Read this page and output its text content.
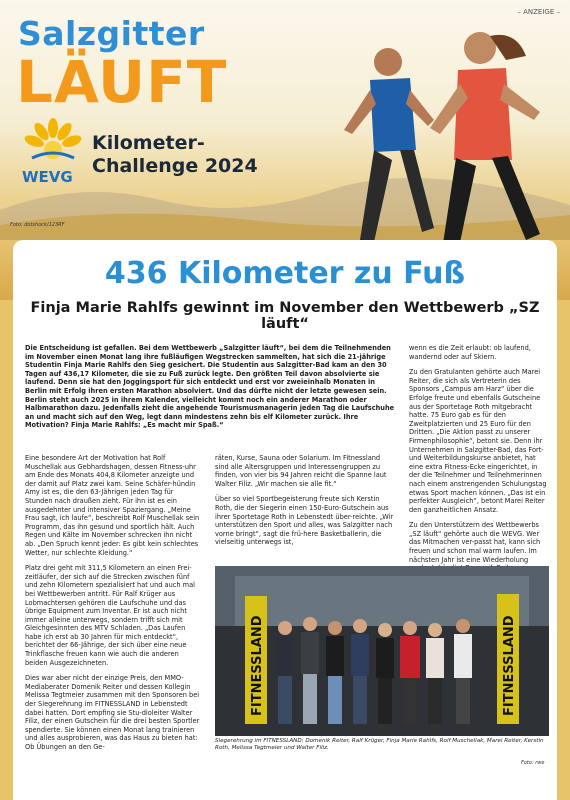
– ANZEIGE –
Salzgitter
LÄUFT
WEVG
Kilometer-
Challenge 2024
Foto: dotshock/123RF
436 Kilometer zu Fuß
Finja Marie Rahlfs gewinnt im November den Wettbewerb „SZ läuft“
Die Entscheidung ist gefallen. Bei dem Wettbewerb „Salzgitter läuft“, bei dem die Teilnehmenden im November einen Monat lang ihre fußläufigen Wegstrecken sammelten, hat sich die 21-jährige Studentin Finja Marie Rahlfs den Sieg gesichert. Die Studentin aus Salzgitter-Bad kam an den 30 Tagen auf 436,17 Kilometer, die sie zu Fuß zurück legte. Den größten Teil davon absolvierte sie laufend. Denn sie hat den Joggingsport für sich entdeckt und erst vor zweieinhalb Monaten in Berlin mit Erfolg ihren ersten Marathon absolviert. Und das dürfte nicht der letzte gewesen sein. Berlin steht auch 2025 in ihrem Kalender, vielleicht kommt noch ein anderer Marathon oder Halbmarathon dazu. Jedenfalls zieht die angehende Tourismusmanagerin jeden Tag die Laufschuhe an und macht sich auf den Weg, legt dann mindestens zehn bis elf Kilometer zurück. Ihre Motivation? Finja Marie Rahlfs: „Es macht mir Spaß.“

Eine besondere Art der Motivation hat Rolf Muschellak aus Gebhardshagen, dessen Fitness-uhr am Ende des Monats 404,8 Kilometer anzeigte und der damit auf Platz zwei kam. Seine Schäfer-hündin Amy ist es, die den 63-Jährigen jeden Tag für Stunden nach draußen zieht. Für ihn ist es ein ausgedehnter und intensiver Spaziergang. „Meine Frau sagt, ich laufe“, beschreibt Rolf Muschellak sein Programm, das ihn gesund und sportlich hält. Auch Regen und Kälte im November schrecken ihn nicht ab. „Den Spruch kennt jeder: Es gibt kein schlechtes Wetter, nur schlechte Kleidung.“

Platz drei geht mit 311,5 Kilometern an einen Frei-zeitläufer, der sich auf die Strecken zwischen fünf und zehn Kilometern spezialisiert hat und auch mal bei Wettbewerben antritt. Für Ralf Krüger aus Lobmachtersen gehören die Laufschuhe und das übrige Equipment zum Inventar. Er ist auch nicht immer alleine unterwegs, sondern trifft sich mit Gleichgesinnten des MTV Schladen. „Das Laufen habe ich erst ab 30 Jahren für mich entdeckt“, berichtet der 66-Jährige, der sich über eine neue Trinkflasche freuen kann wie auch die anderen beiden Ausgezeichneten.

Dies war aber nicht der einzige Preis, den MMO-Mediaberater Domenik Reiter und dessen Kollegin Melissa Tegtmeier zusammen mit den Sponsoren bei der Siegerehrung im FITNESSLAND in Lebenstedt dabei hatten. Dort empfing sie Stu-dioleiter Walter Filiz, der einen Gutschein für die drei besten Sportler spendierte. Sie können einen Monat lang trainieren und alles ausprobieren, was das Haus zu bieten hat: Ob Übungen an den Ge-

räten, Kurse, Sauna oder Solarium. Im Fitnessland sind alle Altersgruppen und Interessengruppen zu finden, von vier bis 94 Jahren reicht die Spanne laut Walter Filiz. „Wir machen sie alle fit.“

Über so viel Sportbegeisterung freute sich Kerstin Roth, die der Siegerin einen 150-Euro-Gutschein aus ihrer Sportetage Roth in Lebenstedt über-reichte. „Wir unterstützen den Sport und alles, was Salzgitter nach vorne bringt“, sagt die frü-here Basketballerin, die vielseitig unterwegs ist,

wenn es die Zeit erlaubt: ob laufend, wandernd oder auf Skiern.

Zu den Gratulanten gehörte auch Marei Reiter, die sich als Vertreterin des Sponsors „Campus am Harz“ über die Erfolge freute und ebenfalls Gutscheine aus der Sportetage Roth mitgebracht hatte. 75 Euro gab es für den Zweitplatzierten und 25 Euro für den Dritten. „Die Aktion passt zu unserer Firmenphilosophie“, betont sie. Denn ihr Unternehmen in Salzgitter-Bad, das Fort-und Weiterbildungskurse anbietet, hat eine extra Fitness-Ecke eingerichtet, in der die Teilnehmer und Teilnehmerinnen nach einem anstrengenden Schulungstag etwas Sport machen können. „Das ist ein perfekter Ausgleich“, betont Marei Reiter den ganzheitlichen Ansatz.

Zu den Unterstützern des Wettbewerbs „SZ läuft“ gehörte auch die WEVG. Wer das Mitmachen ver-passt hat, kann sich freuen und schon mal warm laufen. Im nächsten Jahr ist eine Wiederholung

FITNESSLAND	FITNESSLAND
Siegerehrung im FITNESSLAND: Domenik Reiter, Ralf Krüger, Finja Marie Rahlfs, Rolf Muschellak, Marei Reiter, Kerstin Roth, Melissa Tegtmeier und Walter Filiz.
Foto: rwe
